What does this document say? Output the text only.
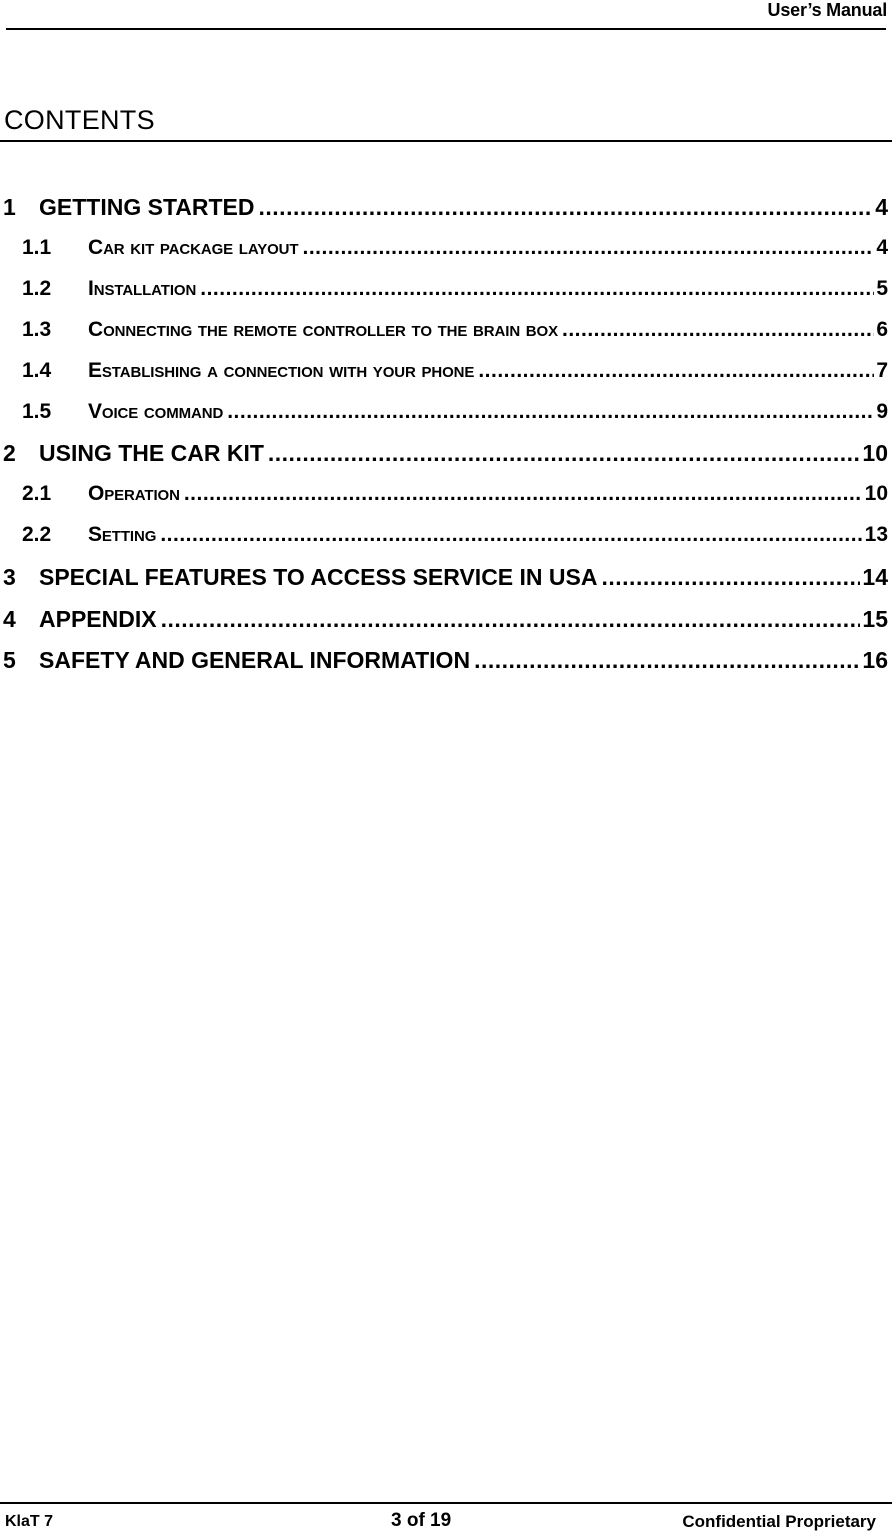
User’s Manual
CONTENTS
1	GETTING STARTED .....	4
1.1	Car kit package layout .....	4
1.2	Installation .....	5
1.3	Connecting the remote controller to the brain box .....	6
1.4	Establishing a connection with your phone .....	7
1.5	Voice command .....	9
2	USING THE CAR KIT .....	10
2.1	Operation .....	10
2.2	Setting .....	13
3	SPECIAL FEATURES TO ACCESS SERVICE IN USA .....	14
4	APPENDIX .....	15
5	SAFETY AND GENERAL INFORMATION .....	16
KlaT 7	3 of 19	Confidential Proprietary
